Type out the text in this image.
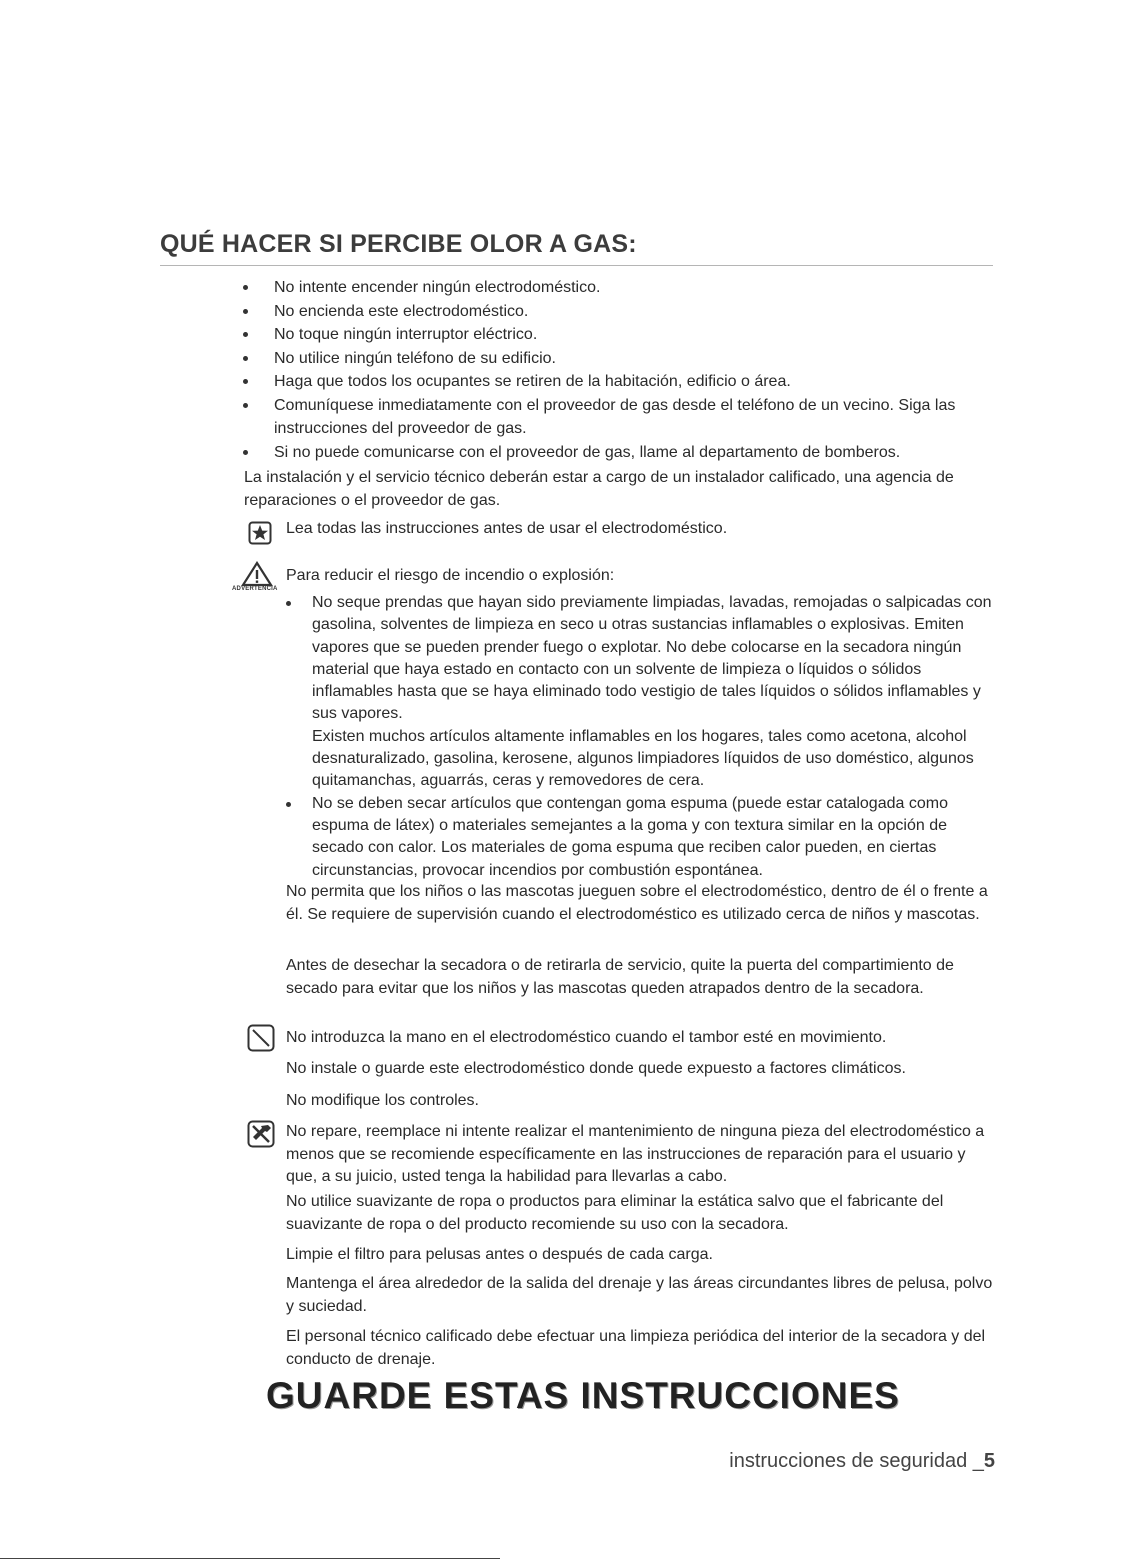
QUÉ HACER SI PERCIBE OLOR A GAS:
No intente encender ningún electrodoméstico.
No encienda este electrodoméstico.
No toque ningún interruptor eléctrico.
No utilice ningún teléfono de su edificio.
Haga que todos los ocupantes se retiren de la habitación, edificio o área.
Comuníquese inmediatamente con el proveedor de gas desde el teléfono de un vecino. Siga las instrucciones del proveedor de gas.
Si no puede comunicarse con el proveedor de gas, llame al departamento de bomberos.

La instalación y el servicio técnico deberán estar a cargo de un instalador calificado, una agencia de reparaciones o el proveedor de gas.

Lea todas las instrucciones antes de usar el electrodoméstico.

ADVERTENCIA

Para reducir el riesgo de incendio o explosión:

No seque prendas que hayan sido previamente limpiadas, lavadas, remojadas o salpicadas con gasolina, solventes de limpieza en seco u otras sustancias inflamables o explosivas. Emiten vapores que se pueden prender fuego o explotar. No debe colocarse en la secadora ningún material que haya estado en contacto con un solvente de limpieza o líquidos o sólidos inflamables hasta que se haya eliminado todo vestigio de tales líquidos o sólidos inflamables y sus vapores.
Existen muchos artículos altamente inflamables en los hogares, tales como acetona, alcohol desnaturalizado, gasolina, kerosene, algunos limpiadores líquidos de uso doméstico, algunos quitamanchas, aguarrás, ceras y removedores de cera.
No se deben secar artículos que contengan goma espuma (puede estar catalogada como espuma de látex) o materiales semejantes a la goma y con textura similar en la opción de secado con calor. Los materiales de goma espuma que reciben calor pueden, en ciertas circunstancias, provocar incendios por combustión espontánea.

No permita que los niños o las mascotas jueguen sobre el electrodoméstico, dentro de él o frente a él. Se requiere de supervisión cuando el electrodoméstico es utilizado cerca de niños y mascotas.

Antes de desechar la secadora o de retirarla de servicio, quite la puerta del compartimiento de secado para evitar que los niños y las mascotas queden atrapados dentro de la secadora.

No introduzca la mano en el electrodoméstico cuando el tambor esté en movimiento.

No instale o guarde este electrodoméstico donde quede expuesto a factores climáticos.

No modifique los controles.

No repare, reemplace ni intente realizar el mantenimiento de ninguna pieza del electrodoméstico a menos que se recomiende específicamente en las instrucciones de reparación para el usuario y que, a su juicio, usted tenga la habilidad para llevarlas a cabo.

No utilice suavizante de ropa o productos para eliminar la estática salvo que el fabricante del suavizante de ropa o del producto recomiende su uso con la secadora.

Limpie el filtro para pelusas antes o después de cada carga.

Mantenga el área alrededor de la salida del drenaje y las áreas circundantes libres de pelusa, polvo y suciedad.

El personal técnico calificado debe efectuar una limpieza periódica del interior de la secadora y del conducto de drenaje.

GUARDE ESTAS INSTRUCCIONES
instrucciones de seguridad _5
